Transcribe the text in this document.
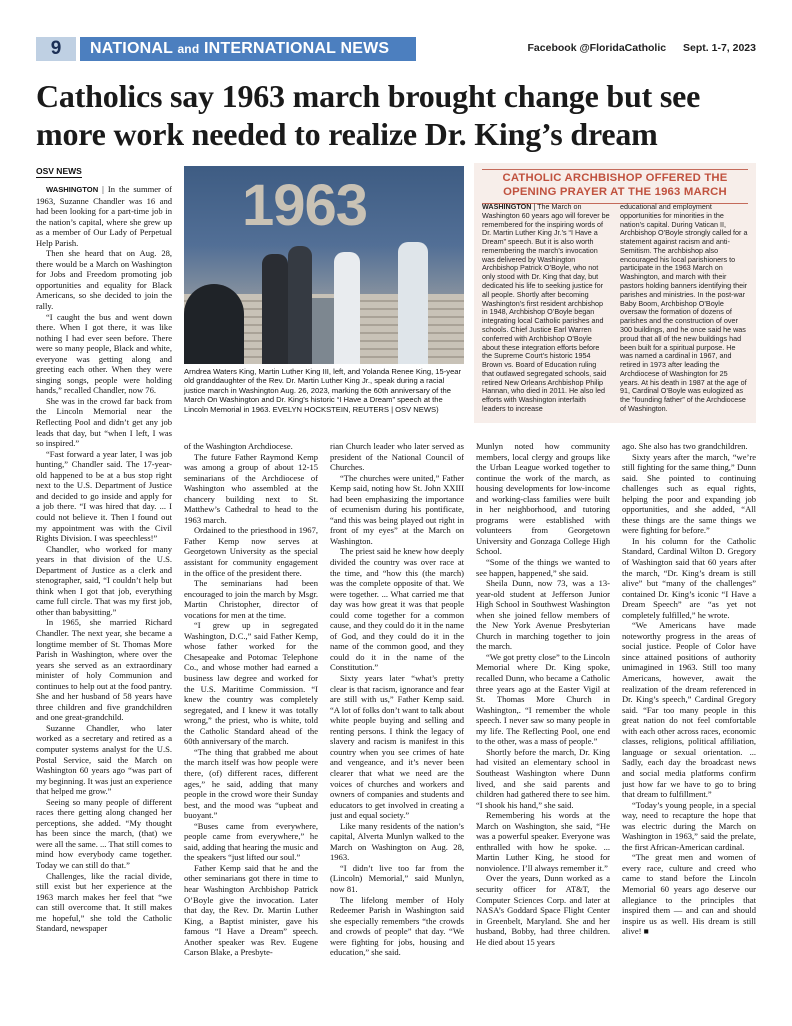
9	NATIONAL and INTERNATIONAL NEWS	Facebook @FloridaCatholic Sept. 1-7, 2023
Catholics say 1963 march brought change but see more work needed to realize Dr. King’s dream
OSV NEWS

WASHINGTON | In the summer of 1963, Suzanne Chandler was 16 and had been looking for a part-time job in the nation’s capital, where she grew up as a member of Our Lady of Perpetual Help Parish.

Then she heard that on Aug. 28, there would be a March on Washington for Jobs and Freedom promoting job opportunities and equality for Black Americans, so she decided to join the rally.

“I caught the bus and went down there. When I got there, it was like nothing I had ever seen before. There were so many people, Black and white, everyone was getting along and greeting each other. When they were singing songs, people were holding hands,” recalled Chandler, now 76.

She was in the crowd far back from the Lincoln Memorial near the Reflecting Pool and didn’t get any job leads that day, but “when I left, I was so inspired.”

“Fast forward a year later, I was job hunting,” Chandler said. The 17-year-old happened to be at a bus stop right next to the U.S. Department of Justice and decided to go inside and apply for a job there. “I was hired that day. ... I could not believe it. Then I found out my appointment was with the Civil Rights Division. I was speechless!”

Chandler, who worked for many years in that division of the U.S. Department of Justice as a clerk and stenographer, said, “I couldn’t help but think when I got that job, everything came full circle. That was my first job, other than babysitting.”

In 1965, she married Richard Chandler. The next year, she became a longtime member of St. Thomas More Parish in Washington, where over the years she served as an extraordinary minister of holy Communion and continues to help out at the food pantry. She and her husband of 58 years have three children and five grandchildren and one great-grandchild.

Suzanne Chandler, who later worked as a secretary and retired as a computer systems analyst for the U.S. Postal Service, said the March on Washington 60 years ago “was part of my beginning. It was just an experience that helped me grow.”

Seeing so many people of different races there getting along changed her perceptions, she added. “My thought has been since the march, (that) we were all the same. ... That still comes to mind how everybody came together. Today we can still do that.”

Challenges, like the racial divide, still exist but her experience at the 1963 march makes her feel that “we can still overcome that. It still makes me hopeful,” she told the Catholic Standard, newspaper

1963
Arndrea Waters King, Martin Luther King III, left, and Yolanda Renee King, 15-year old granddaughter of the Rev. Dr. Martin Luther King Jr., speak during a racial justice march in Washington Aug. 26, 2023, marking the 60th anniversary of the March On Washington and Dr. King’s historic “I Have a Dream” speech at the Lincoln Memorial in 1963. EVELYN HOCKSTEIN, REUTERS | OSV NEWS)
CATHOLIC ARCHBISHOP OFFERED THE OPENING PRAYER AT THE 1963 MARCH

WASHINGTON | The March on Washington 60 years ago will forever be remembered for the inspiring words of Dr. Martin Luther King Jr.’s “I Have a Dream” speech. But it is also worth remembering the march’s invocation was delivered by Washington Archbishop Patrick O’Boyle, who not only stood with Dr. King that day, but dedicated his life to seeking justice for all people. Shortly after becoming Washington’s first resident archbishop in 1948, Archbishop O’Boyle began integrating local Catholic parishes and schools. Chief Justice Earl Warren conferred with Archbishop O’Boyle about these integration efforts before the Supreme Court’s historic 1954 Brown vs. Board of Education ruling that outlawed segregated schools, said retired New Orleans Archbishop Philip Hannan, who died in 2011. He also led efforts with Washington interfaith leaders to increase

educational and employment opportunities for minorities in the nation’s capital. During Vatican II, Archbishop O’Boyle strongly called for a statement against racism and anti-Semitism. The archbishop also encouraged his local parishioners to participate in the 1963 March on Washington, and march with their pastors holding banners identifying their parishes and ministries. In the post-war Baby Boom, Archbishop O’Boyle oversaw the formation of dozens of parishes and the construction of over 300 buildings, and he once said he was proud that all of the new buildings had been built for a spiritual purpose. He was named a cardinal in 1967, and retired in 1973 after leading the Archdiocese of Washington for 25 years. At his death in 1987 at the age of 91, Cardinal O’Boyle was eulogized as the “founding father” of the Archdiocese of Washington.

of the Washington Archdiocese.

The future Father Raymond Kemp was among a group of about 12-15 seminarians of the Archdiocese of Washington who assembled at the chancery building next to St. Matthew’s Cathedral to head to the 1963 march.

Ordained to the priesthood in 1967, Father Kemp now serves at Georgetown University as the special assistant for community engagement in the office of the president there.

The seminarians had been encouraged to join the march by Msgr. Martin Christopher, director of vocations for men at the time.

“I grew up in segregated Washington, D.C.,” said Father Kemp, whose father worked for the Chesapeake and Potomac Telephone Co., and whose mother had earned a business law degree and worked for the U.S. Maritime Commission. “I knew the country was completely segregated, and I knew it was totally wrong,” the priest, who is white, told the Catholic Standard ahead of the 60th anniversary of the march.

“The thing that grabbed me about the march itself was how people were there, (of) different races, different ages,” he said, adding that many people in the crowd wore their Sunday best, and the mood was “upbeat and buoyant.”

“Buses came from everywhere, people came from everywhere,” he said, adding that hearing the music and the speakers “just lifted our soul.”

Father Kemp said that he and the other seminarians got there in time to hear Washington Archbishop Patrick O’Boyle give the invocation. Later that day, the Rev. Dr. Martin Luther King, a Baptist minister, gave his famous “I Have a Dream” speech. Another speaker was Rev. Eugene Carson Blake, a Presbyte-

rian Church leader who later served as president of the National Council of Churches.

“The churches were united,” Father Kemp said, noting how St. John XXIII had been emphasizing the importance of ecumenism during his pontificate, “and this was being played out right in front of my eyes” at the March on Washington.

The priest said he knew how deeply divided the country was over race at the time, and “how this (the march) was the complete opposite of that. We were together. ... What carried me that day was how great it was that people could come together for a common cause, and they could do it in the name of God, and they could do it in the name of the common good, and they could do it in the name of the Constitution.”

Sixty years later “what’s pretty clear is that racism, ignorance and fear are still with us,” Father Kemp said. “A lot of folks don’t want to talk about white people buying and selling and renting persons. I think the legacy of slavery and racism is manifest in this country when you see crimes of hate and vengeance, and it’s never been clearer that what we need are the voices of churches and workers and owners of companies and students and educators to get involved in creating a just and equal society.”

Like many residents of the nation’s capital, Alverta Munlyn walked to the March on Washington on Aug. 28, 1963.

“I didn’t live too far from the (Lincoln) Memorial,” said Munlyn, now 81.

The lifelong member of Holy Redeemer Parish in Washington said she especially remembers “the crowds and crowds of people” that day. “We were fighting for jobs, housing and education,” she said.

Munlyn noted how community members, local clergy and groups like the Urban League worked together to continue the work of the march, as housing developments for low-income and working-class families were built in her neighborhood, and tutoring programs were established with volunteers from Georgetown University and Gonzaga College High School.

“Some of the things we wanted to see happen, happened,” she said.

Sheila Dunn, now 73, was a 13-year-old student at Jefferson Junior High School in Southwest Washington when she joined fellow members of the New York Avenue Presbyterian Church in marching together to join the march.

“We got pretty close” to the Lincoln Memorial where Dr. King spoke, recalled Dunn, who became a Catholic three years ago at the Easter Vigil at St. Thomas More Church in Washington,. “I remember the whole speech. I never saw so many people in my life. The Reflecting Pool, one end to the other, was a mass of people.”

Shortly before the march, Dr. King had visited an elementary school in Southeast Washington where Dunn lived, and she said parents and children had gathered there to see him. “I shook his hand,” she said.

Remembering his words at the March on Washington, she said, “He was a powerful speaker. Everyone was enthralled with how he spoke. ... Martin Luther King, he stood for nonviolence. I’ll always remember it.”

Over the years, Dunn worked as a security officer for AT&T, the Computer Sciences Corp. and later at NASA’s Goddard Space Flight Center in Greenbelt, Maryland. She and her husband, Bobby, had three children. He died about 15 years

ago. She also has two grandchildren.

Sixty years after the march, “we’re still fighting for the same thing,” Dunn said. She pointed to continuing challenges such as equal rights, helping the poor and expanding job opportunities, and she added, “All these things are the same things we were fighting for before.”

In his column for the Catholic Standard, Cardinal Wilton D. Gregory of Washington said that 60 years after the march, “Dr. King’s dream is still alive” but “many of the challenges” contained Dr. King’s iconic “I Have a Dream Speech” are “as yet not completely fulfilled,” he wrote.

“We Americans have made noteworthy progress in the areas of social justice. People of Color have since attained positions of authority unimagined in 1963. Still too many Americans, however, await the realization of the dream referenced in Dr. King’s speech,” Cardinal Gregory said. “Far too many people in this great nation do not feel comfortable with each other across races, economic classes, religions, political affiliation, language or sexual orientation. ... Sadly, each day the broadcast news and social media platforms confirm just how far we have to go to bring that dream to fulfillment.”

“Today’s young people, in a special way, need to recapture the hope that was electric during the March on Washington in 1963,” said the prelate, the first African-American cardinal.

“The great men and women of every race, culture and creed who came to stand before the Lincoln Memorial 60 years ago deserve our allegiance to the principles that inspired them — and can and should inspire us as well. His dream is still alive! ■
